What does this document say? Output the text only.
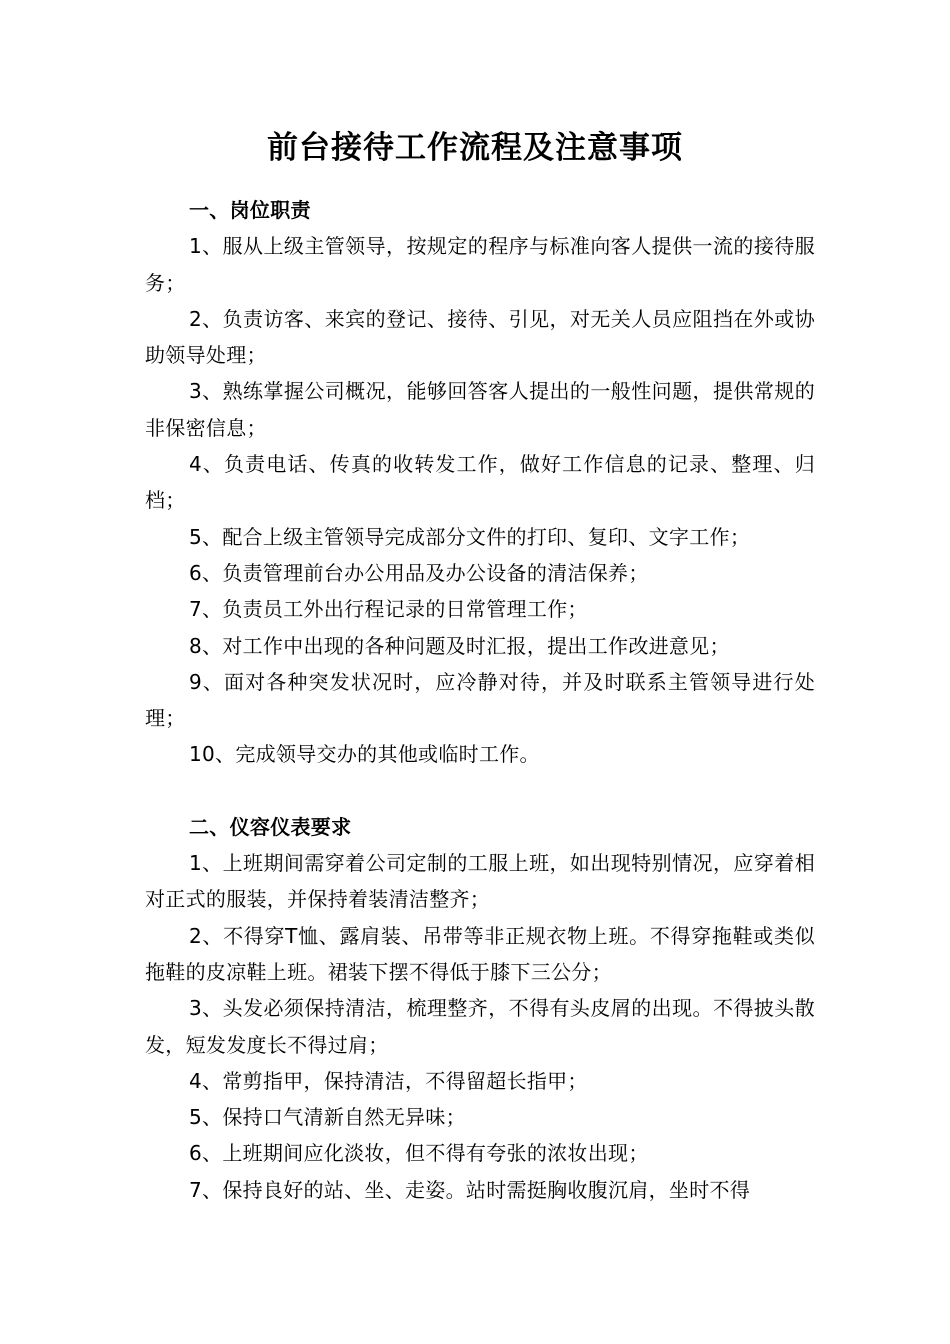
前台接待工作流程及注意事项
一、岗位职责
1、服从上级主管领导，按规定的程序与标准向客人提供一流的接待服务；
2、负责访客、来宾的登记、接待、引见，对无关人员应阻挡在外或协助领导处理；
3、熟练掌握公司概况，能够回答客人提出的一般性问题，提供常规的非保密信息；
4、负责电话、传真的收转发工作，做好工作信息的记录、整理、归档；
5、配合上级主管领导完成部分文件的打印、复印、文字工作；
6、负责管理前台办公用品及办公设备的清洁保养；
7、负责员工外出行程记录的日常管理工作；
8、对工作中出现的各种问题及时汇报，提出工作改进意见；
9、面对各种突发状况时，应冷静对待，并及时联系主管领导进行处理；
10、完成领导交办的其他或临时工作。
二、仪容仪表要求
1、上班期间需穿着公司定制的工服上班，如出现特别情况，应穿着相对正式的服装，并保持着装清洁整齐；
2、不得穿T恤、露肩装、吊带等非正规衣物上班。不得穿拖鞋或类似拖鞋的皮凉鞋上班。裙装下摆不得低于膝下三公分；
3、头发必须保持清洁，梳理整齐，不得有头皮屑的出现。不得披头散发，短发发度长不得过肩；
4、常剪指甲，保持清洁，不得留超长指甲；
5、保持口气清新自然无异味；
6、上班期间应化淡妆，但不得有夸张的浓妆出现；
7、保持良好的站、坐、走姿。站时需挺胸收腹沉肩，坐时不得
